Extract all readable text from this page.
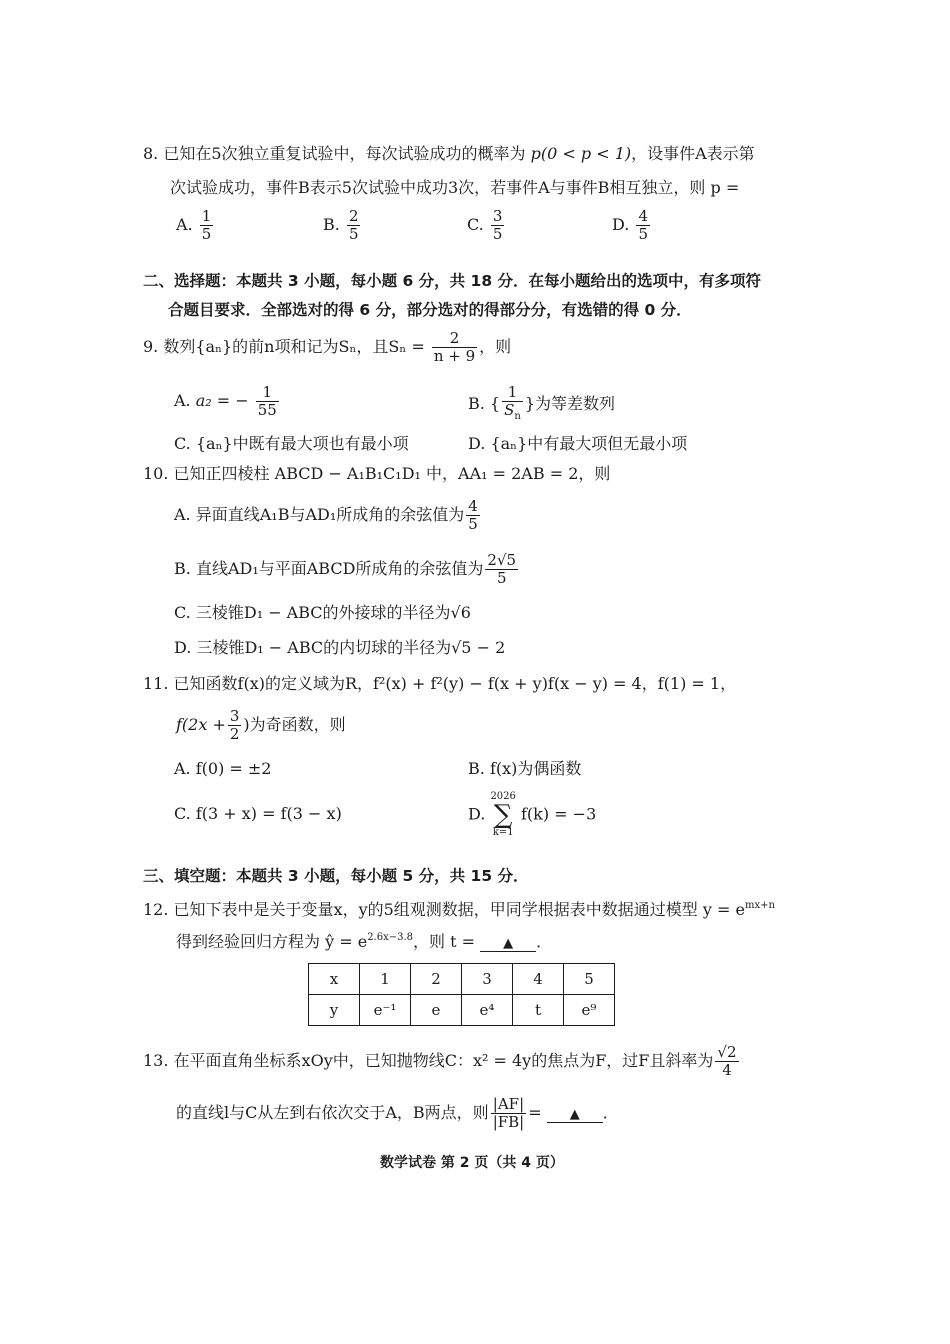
8. 已知在5次独立重复试验中，每次试验成功的概率为 p(0 < p < 1)，设事件A表示第
次试验成功，事件B表示5次试验中成功3次，若事件A与事件B相互独立，则 p =
A. $\frac{1}{5}$	B. $\frac{2}{5}$	C. $\frac{3}{5}$	D. $\frac{4}{5}$
二、选择题：本题共 3 小题，每小题 6 分，共 18 分．在每小题给出的选项中，有多项符
合题目要求．全部选对的得 6 分，部分选对的得部分分，有选错的得 0 分．
9. 数列{aₙ}的前n项和记为Sₙ，且$S_n = \frac{2}{n + 9}$ ，则
A. a₂ = − $\frac{1}{55}$	B. { $\frac{1}{S_n}$ }为等差数列
C. {aₙ}中既有最大项也有最小项	D. {aₙ}中有最大项但无最小项
10. 已知正四棱柱 ABCD − A₁B₁C₁D₁ 中，AA₁ = 2AB = 2，则
A. 异面直线A₁B与AD₁所成角的余弦值为 $\frac{4}{5}$
B. 直线AD₁与平面ABCD所成角的余弦值为 $\frac{2√5}{5}$
C. 三棱锥D₁ − ABC的外接球的半径为√6
D. 三棱锥D₁ − ABC的内切球的半径为√5 − 2
11. 已知函数f(x)的定义域为R，f²(x) + f²(y) − f(x + y)f(x − y) = 4，f(1) = 1，
$f(2x + \frac{3}{2}$ )为奇函数，则
A. f(0) = ±2	B. f(x)为偶函数
C. f(3 + x) = f(3 − x)	D.
2026
∑
k=1
f(k) = −3
三、填空题：本题共 3 小题，每小题 5 分，共 15 分．
12. 已知下表中是关于变量x，y的5组观测数据，甲同学根据表中数据通过模型 $y = e^{mx+n}$
得到经验回归方程为 ŷ = $e^{2.6x-3.8}$，则 t = ▲ ．
x	1	2	3	4	5
y	e⁻¹	e	e⁴	t	e⁹
13. 在平面直角坐标系xOy中，已知抛物线C：x² = 4y的焦点为F，过F且斜率为 $\frac{√2}{4}$
的直线l与C从左到右依次交于A，B两点，则 $\frac{|AF|}{|FB|}$ = ▲ ．
数学试卷 第 2 页（共 4 页）
